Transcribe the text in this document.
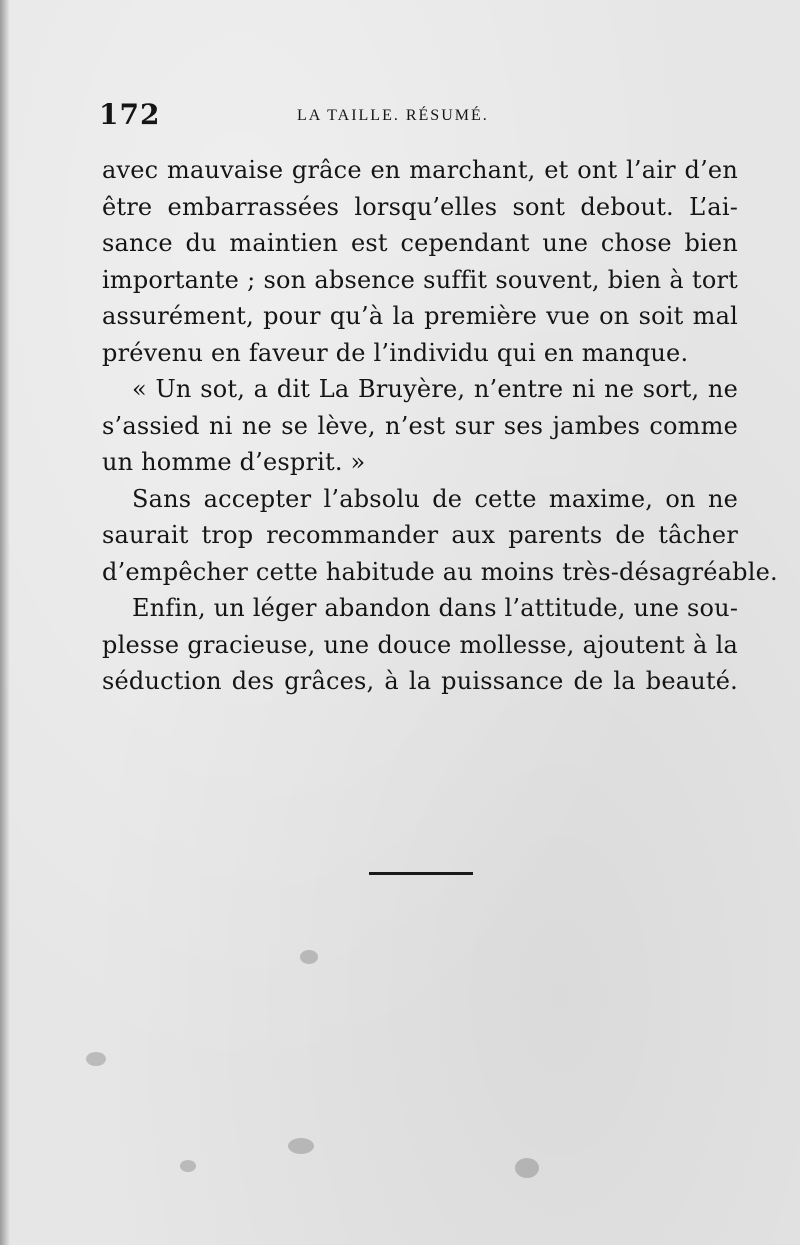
172	LA TAILLE. RÉSUMÉ.
avec mauvaise grâce en marchant, et ont l’air d’en
être embarrassées lorsqu’elles sont debout. L’ai-
sance du maintien est cependant une chose bien
importante ; son absence suffit souvent, bien à tort
assurément, pour qu’à la première vue on soit mal
prévenu en faveur de l’individu qui en manque.
« Un sot, a dit La Bruyère, n’entre ni ne sort, ne
s’assied ni ne se lève, n’est sur ses jambes comme
un homme d’esprit. »
Sans accepter l’absolu de cette maxime, on ne
saurait trop recommander aux parents de tâcher
d’empêcher cette habitude au moins très-désagréable.
Enfin, un léger abandon dans l’attitude, une sou-
plesse gracieuse, une douce mollesse, ajoutent à la
séduction des grâces, à la puissance de la beauté.
